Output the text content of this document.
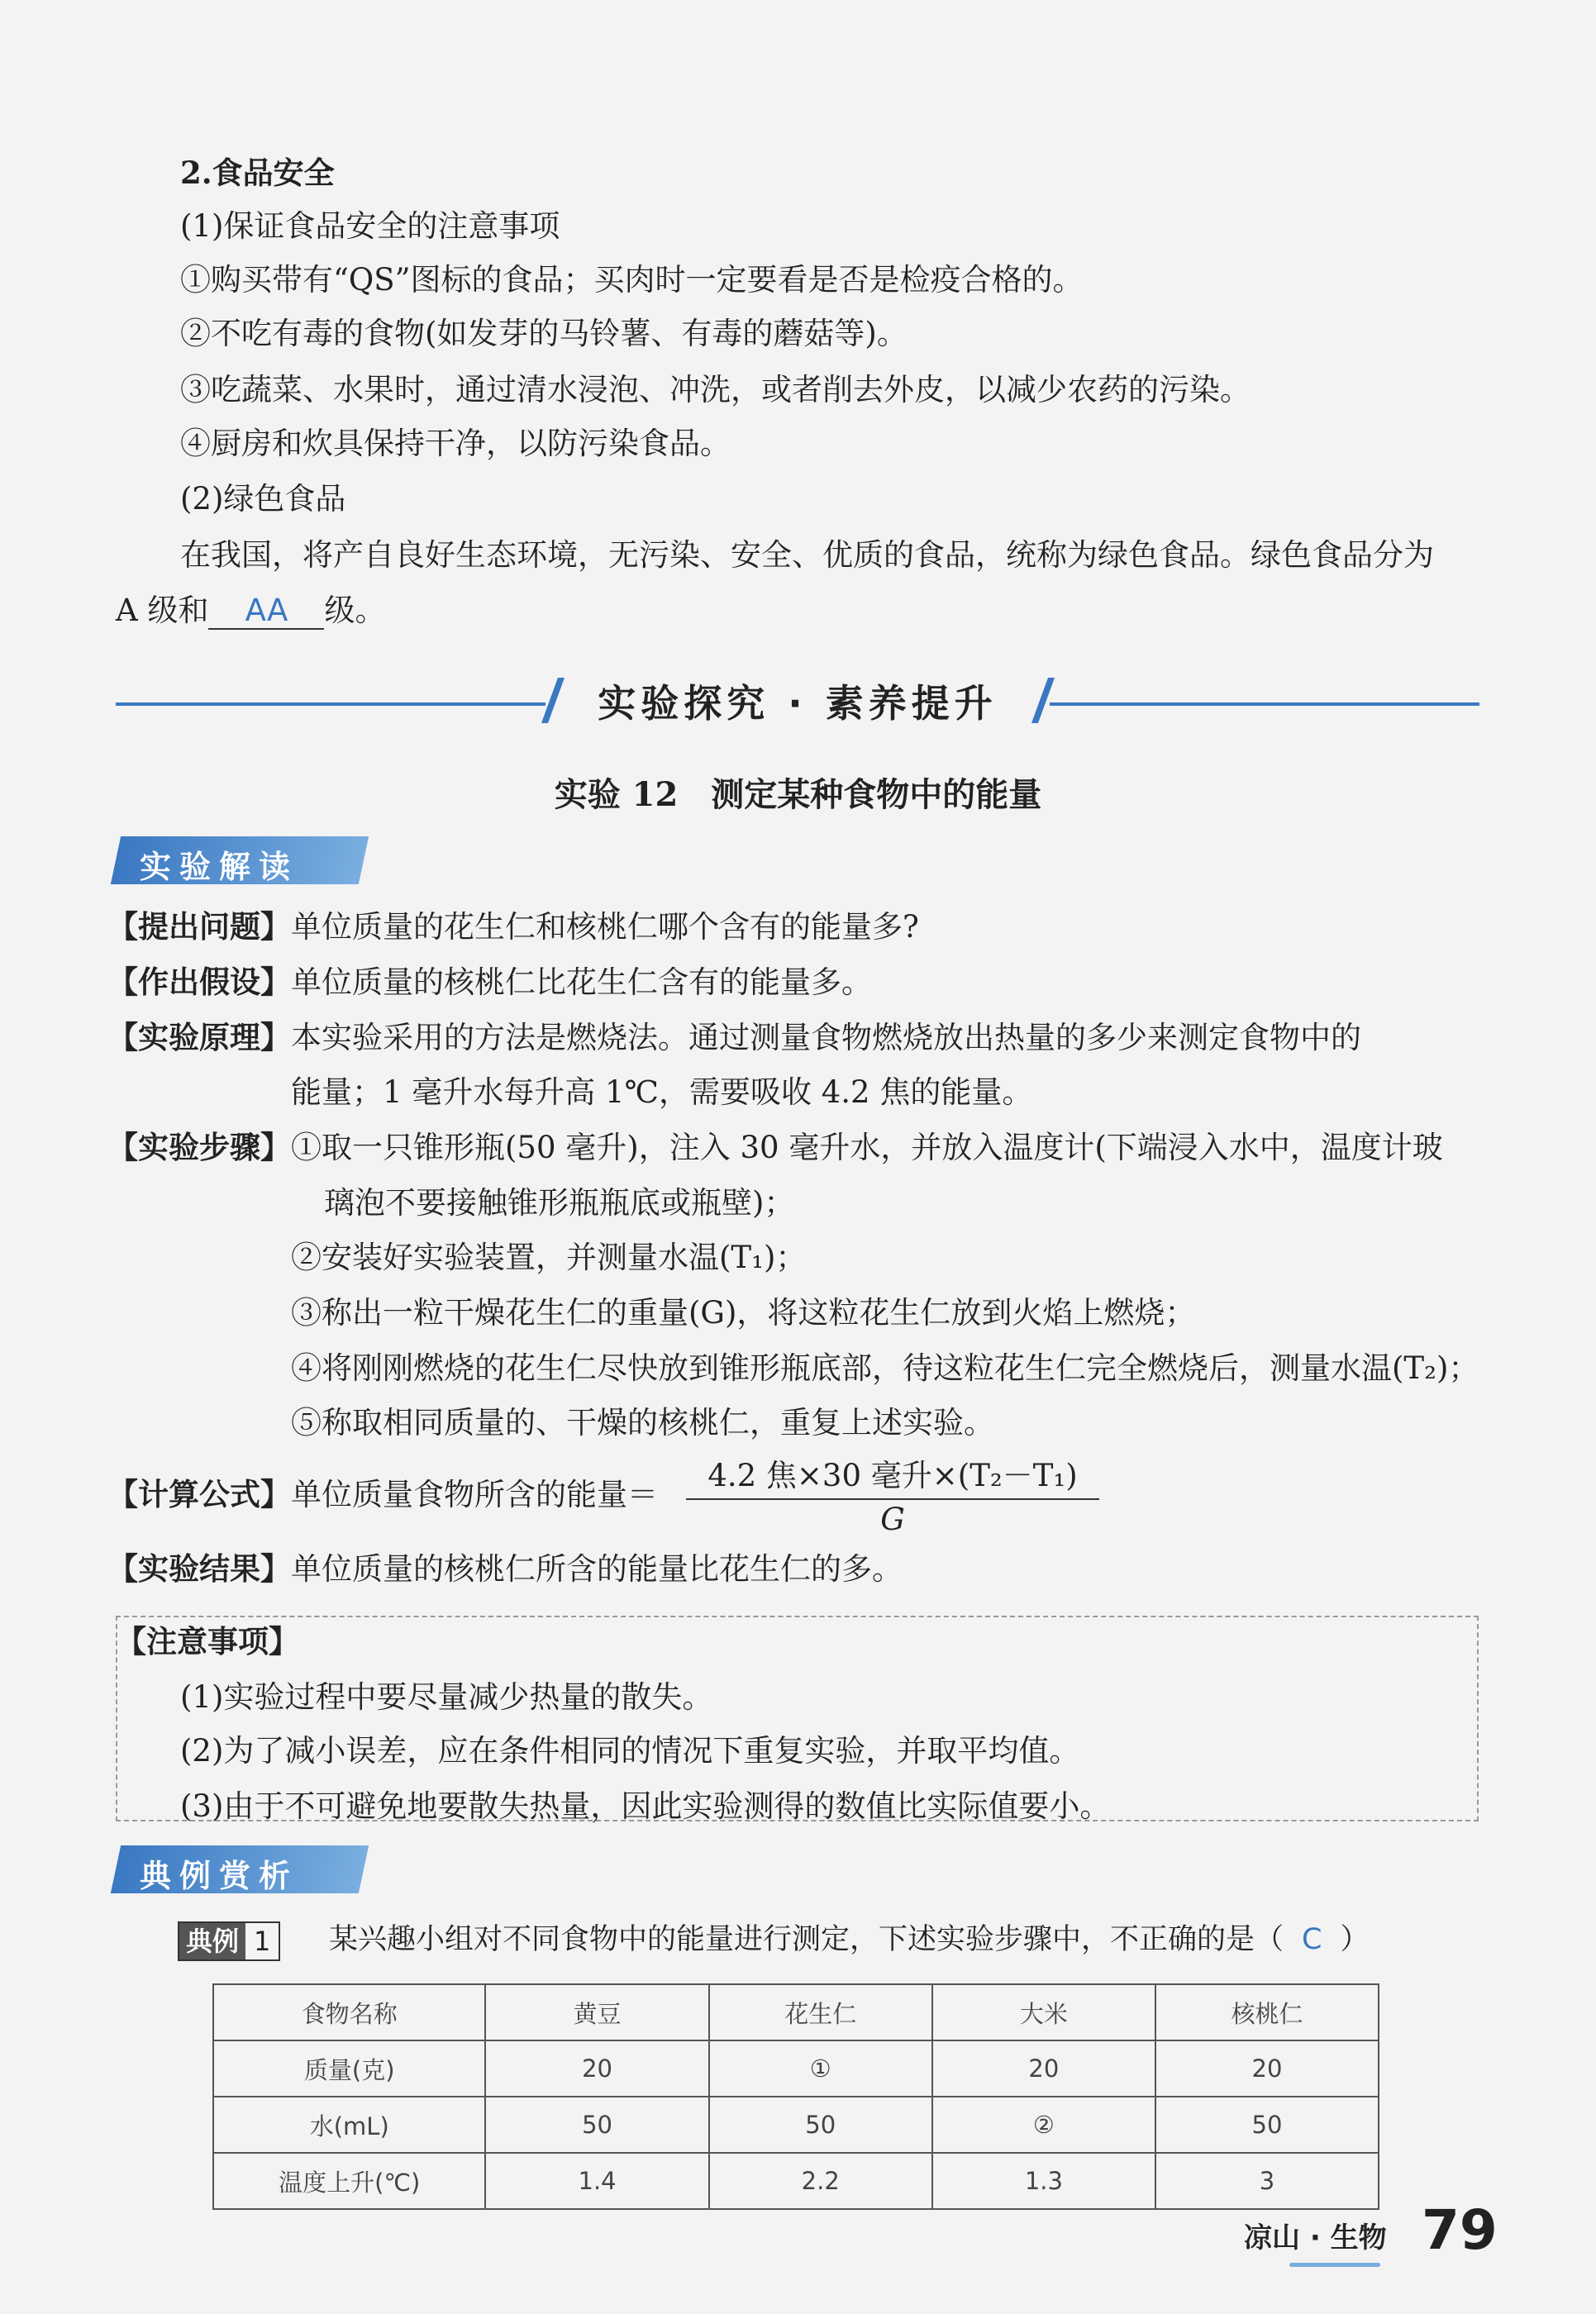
2.食品安全
(1)保证食品安全的注意事项
①购买带有“QS”图标的食品；买肉时一定要看是否是检疫合格的。
②不吃有毒的食物(如发芽的马铃薯、有毒的蘑菇等)。
③吃蔬菜、水果时，通过清水浸泡、冲洗，或者削去外皮，以减少农药的污染。
④厨房和炊具保持干净，以防污染食品。
(2)绿色食品
在我国，将产自良好生态环境，无污染、安全、优质的食品，统称为绿色食品。绿色食品分为
A 级和 AA 级。
实验探究 · 素养提升
实验 12　测定某种食物中的能量
实验解读
【提出问题】单位质量的花生仁和核桃仁哪个含有的能量多?
【作出假设】单位质量的核桃仁比花生仁含有的能量多。
【实验原理】本实验采用的方法是燃烧法。通过测量食物燃烧放出热量的多少来测定食物中的
能量；1 毫升水每升高 1℃，需要吸收 4.2 焦的能量。
【实验步骤】①取一只锥形瓶(50 毫升)，注入 30 毫升水，并放入温度计(下端浸入水中，温度计玻
璃泡不要接触锥形瓶瓶底或瓶壁)；
②安装好实验装置，并测量水温(T₁)；
③称出一粒干燥花生仁的重量(G)，将这粒花生仁放到火焰上燃烧；
④将刚刚燃烧的花生仁尽快放到锥形瓶底部，待这粒花生仁完全燃烧后，测量水温(T₂)；
⑤称取相同质量的、干燥的核桃仁，重复上述实验。
【计算公式】单位质量食物所含的能量＝
4.2 焦×30 毫升×(T₂－T₁)
G
【实验结果】单位质量的核桃仁所含的能量比花生仁的多。
【注意事项】
(1)实验过程中要尽量减少热量的散失。
(2)为了减小误差，应在条件相同的情况下重复实验，并取平均值。
(3)由于不可避免地要散失热量，因此实验测得的数值比实际值要小。
典例赏析
典例 1 某兴趣小组对不同食物中的能量进行测定，下述实验步骤中，不正确的是（ C ）
食物名称	黄豆	花生仁	大米	核桃仁
质量(克)	20	①	20	20
水(mL)	50	50	②	50
温度上升(℃)	1.4	2.2	1.3	3
凉山 · 生物 79
